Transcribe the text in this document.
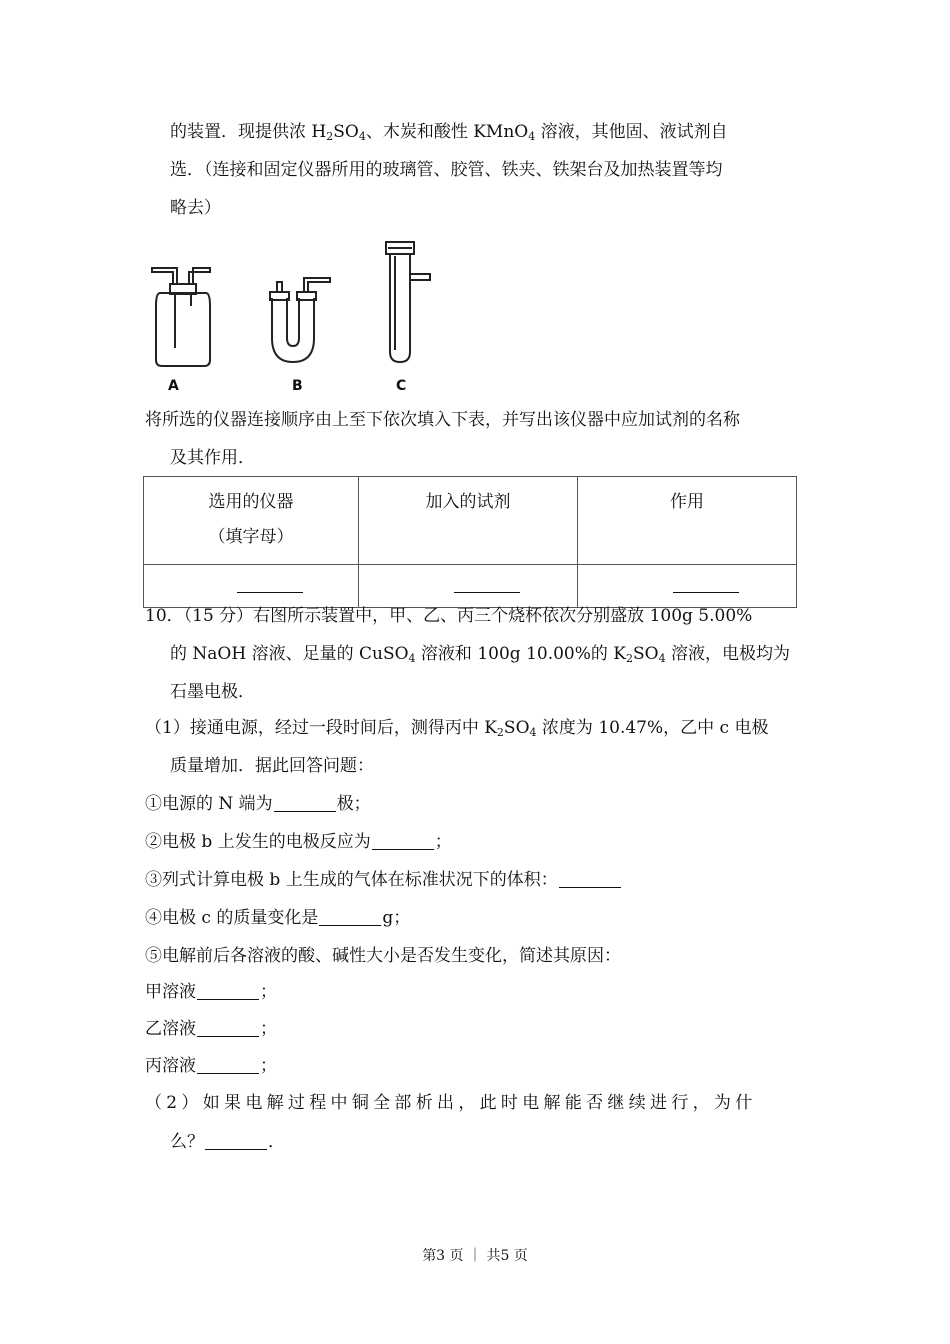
的装置．现提供浓 $H_2SO_4$、木炭和酸性 KMnO$_4$ 溶液，其他固、液试剂自
选．（连接和固定仪器所用的玻璃管、胶管、铁夹、铁架台及加热装置等均
略去）
A	B	C
将所选的仪器连接顺序由上至下依次填入下表，并写出该仪器中应加试剂的名称
及其作用．
选用的仪器
（填字母）	加入的试剂	作用

10．（15 分）右图所示装置中，甲、乙、丙三个烧杯依次分别盛放 100g 5.00%
的 NaOH 溶液、足量的 CuSO$_4$ 溶液和 100g 10.00%的 $K_2SO_4$ 溶液，电极均为
石墨电极．
（1）接通电源，经过一段时间后，测得丙中 $K_2SO_4$ 浓度为 10.47%，乙中 c 电极
质量增加．据此回答问题：
①电源的 N 端为	极；
②电极 b 上发生的电极反应为	；
③列式计算电极 b 上生成的气体在标准状况下的体积：
④电极 c 的质量变化是	g；
⑤电解前后各溶液的酸、碱性大小是否发生变化，简述其原因：
甲溶液	；
乙溶液	；
丙溶液	；
（2）如果电解过程中铜全部析出，此时电解能否继续进行，为什
么？	．
第3 页 ｜ 共5 页
